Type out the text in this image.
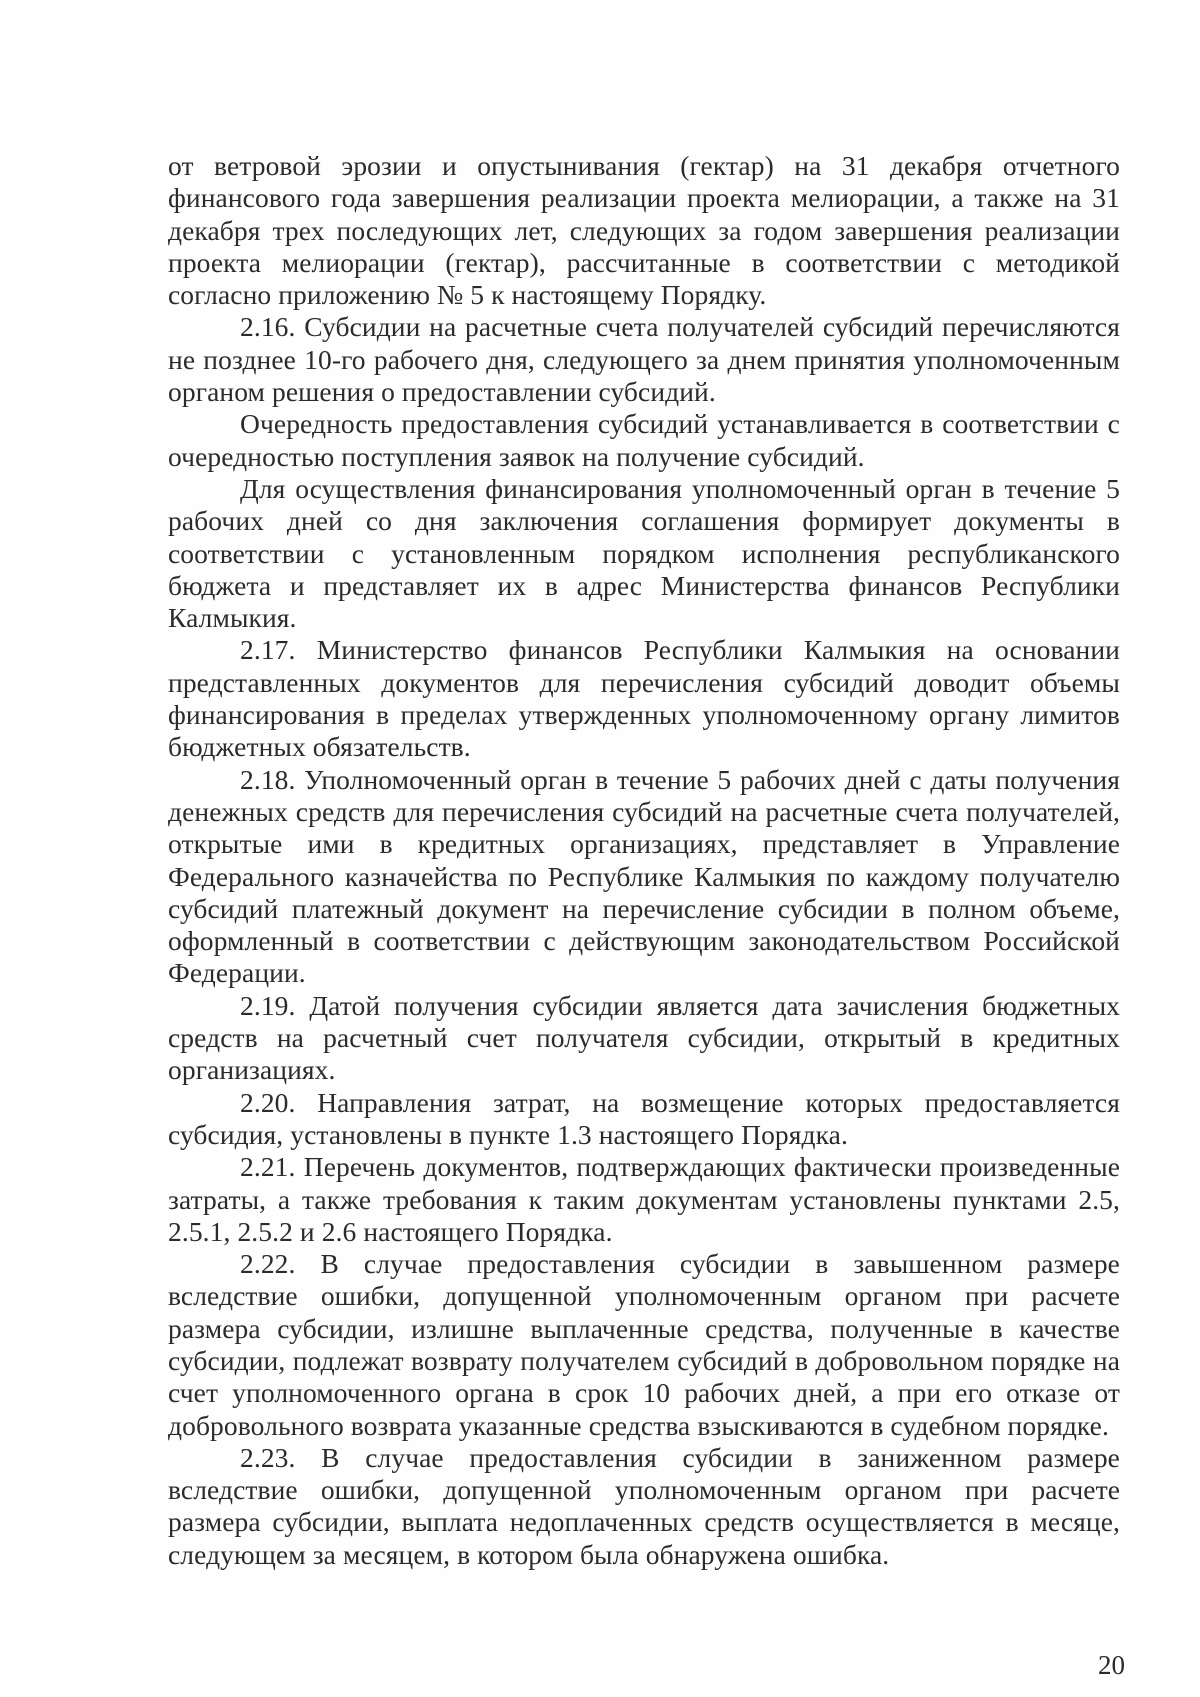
от ветровой эрозии и опустынивания (гектар) на 31 декабря отчетного финансового года завершения реализации проекта мелиорации, а также на 31 декабря трех последующих лет, следующих за годом завершения реализации проекта мелиорации (гектар), рассчитанные в соответствии с методикой согласно приложению № 5 к настоящему Порядку.

2.16. Субсидии на расчетные счета получателей субсидий перечисляются не позднее 10-го рабочего дня, следующего за днем принятия уполномоченным органом решения о предоставлении субсидий.

Очередность предоставления субсидий устанавливается в соответствии с очередностью поступления заявок на получение субсидий.

Для осуществления финансирования уполномоченный орган в течение 5 рабочих дней со дня заключения соглашения формирует документы в соответствии с установленным порядком исполнения республиканского бюджета и представляет их в адрес Министерства финансов Республики Калмыкия.

2.17. Министерство финансов Республики Калмыкия на основании представленных документов для перечисления субсидий доводит объемы финансирования в пределах утвержденных уполномоченному органу лимитов бюджетных обязательств.

2.18. Уполномоченный орган в течение 5 рабочих дней с даты получения денежных средств для перечисления субсидий на расчетные счета получателей, открытые ими в кредитных организациях, представляет в Управление Федерального казначейства по Республике Калмыкия по каждому получателю субсидий платежный документ на перечисление субсидии в полном объеме, оформленный в соответствии с действующим законодательством Российской Федерации.

2.19. Датой получения субсидии является дата зачисления бюджетных средств на расчетный счет получателя субсидии, открытый в кредитных организациях.

2.20. Направления затрат, на возмещение которых предоставляется субсидия, установлены в пункте 1.3 настоящего Порядка.

2.21. Перечень документов, подтверждающих фактически произведенные затраты, а также требования к таким документам установлены пунктами 2.5, 2.5.1, 2.5.2 и 2.6 настоящего Порядка.

2.22. В случае предоставления субсидии в завышенном размере вследствие ошибки, допущенной уполномоченным органом при расчете размера субсидии, излишне выплаченные средства, полученные в качестве субсидии, подлежат возврату получателем субсидий в добровольном порядке на счет уполномоченного органа в срок 10 рабочих дней, а при его отказе от добровольного возврата указанные средства взыскиваются в судебном порядке.

2.23. В случае предоставления субсидии в заниженном размере вследствие ошибки, допущенной уполномоченным органом при расчете размера субсидии, выплата недоплаченных средств осуществляется в месяце, следующем за месяцем, в котором была обнаружена ошибка.

20
